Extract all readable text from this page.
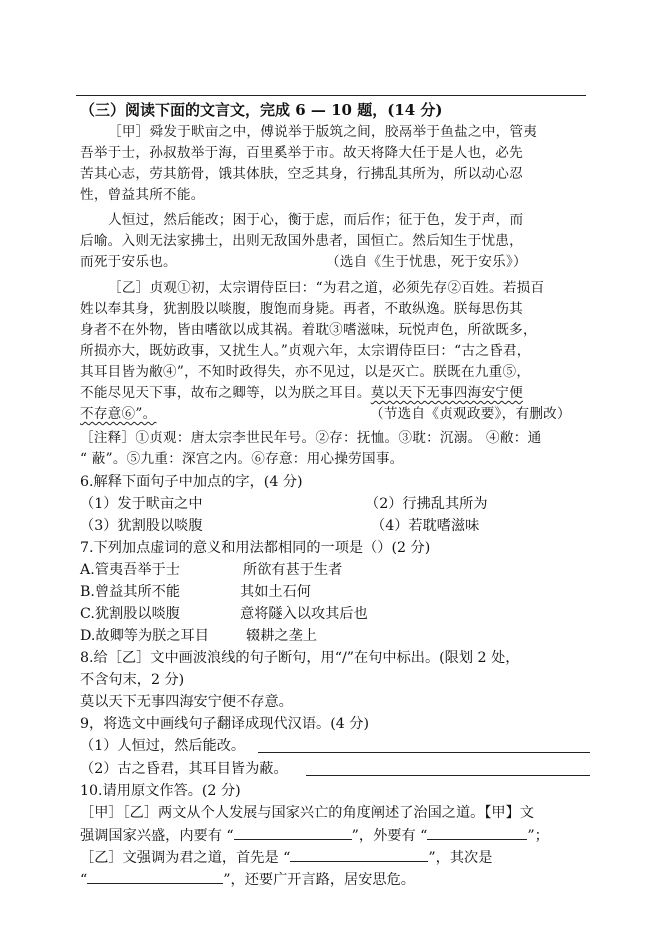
（三）阅读下面的文言文，完成 6 — 10 题，(14 分)
［甲］舜发于畎亩之中，傅说举于版筑之间，胶鬲举于鱼盐之中，管夷
吾举于士，孙叔敖举于海，百里奚举于市。故天将降大任于是人也，必先
苦其心志，劳其筋骨，饿其体肤，空乏其身，行拂乱其所为，所以动心忍
性，曾益其所不能。
人恒过，然后能改；困于心，衡于虑，而后作；征于色，发于声，而
后喻。入则无法家拂士，出则无敌国外患者，国恒亡。然后知生于忧患，
而死于安乐也。	（选自《生于忧患，死于安乐》）
［乙］贞观①初，太宗谓侍臣曰：“为君之道，必须先存②百姓。若损百
姓以奉其身，犹割股以啖腹，腹饱而身毙。再者，不敢纵逸。朕每思伤其
身者不在外物，皆由嗜欲以成其祸。着耽③嗜滋味，玩悦声色，所欲既多，
所损亦大，既妨政事，又扰生人。”贞观六年，太宗谓侍臣曰：“古之昏君，
其耳目皆为敝④”，不知时政得失，亦不见过，以是灭亡。朕既在九重⑤，
不能尽见天下事，故布之卿等，以为朕之耳目。莫以天下无事四海安宁便
不存意⑥”。	（节选自《贞观政要》，有删改）
［注释］①贞观：唐太宗李世民年号。②存：抚恤。③耽：沉溺。 ④敝：通
“ 蔽”。⑤九重：深宫之内。⑥存意：用心操劳国事。
6.解释下面句子中加点的字，(4 分)
（1）发于畎亩之中	（2）行拂乱其所为
（3）犹割股以啖腹	（4）若耽嗜滋味
7.下列加点虚词的意义和用法都相同的一项是（）(2 分)
A.管夷吾举于士	所欲有甚于生者
B.曾益其所不能	其如土石何
C.犹割股以啖腹	意将隧入以攻其后也
D.故卿等为朕之耳目	辍耕之垄上
8.给［乙］文中画波浪线的句子断句，用“/”在句中标出。(限划 2 处，
不含句末，2 分)
莫以天下无事四海安宁便不存意。
9，将选文中画线句子翻译成现代汉语。(4 分)
（1）人恒过，然后能改。
（2）古之昏君，其耳目皆为蔽。
10.请用原文作答。(2 分)
［甲］［乙］两文从个人发展与国家兴亡的角度阐述了治国之道。【甲】文
强调国家兴盛，内要有 “	”，外要有 “	”；
［乙］文强调为君之道，首先是 “	”，其次是
“	”，还要广开言路，居安思危。
